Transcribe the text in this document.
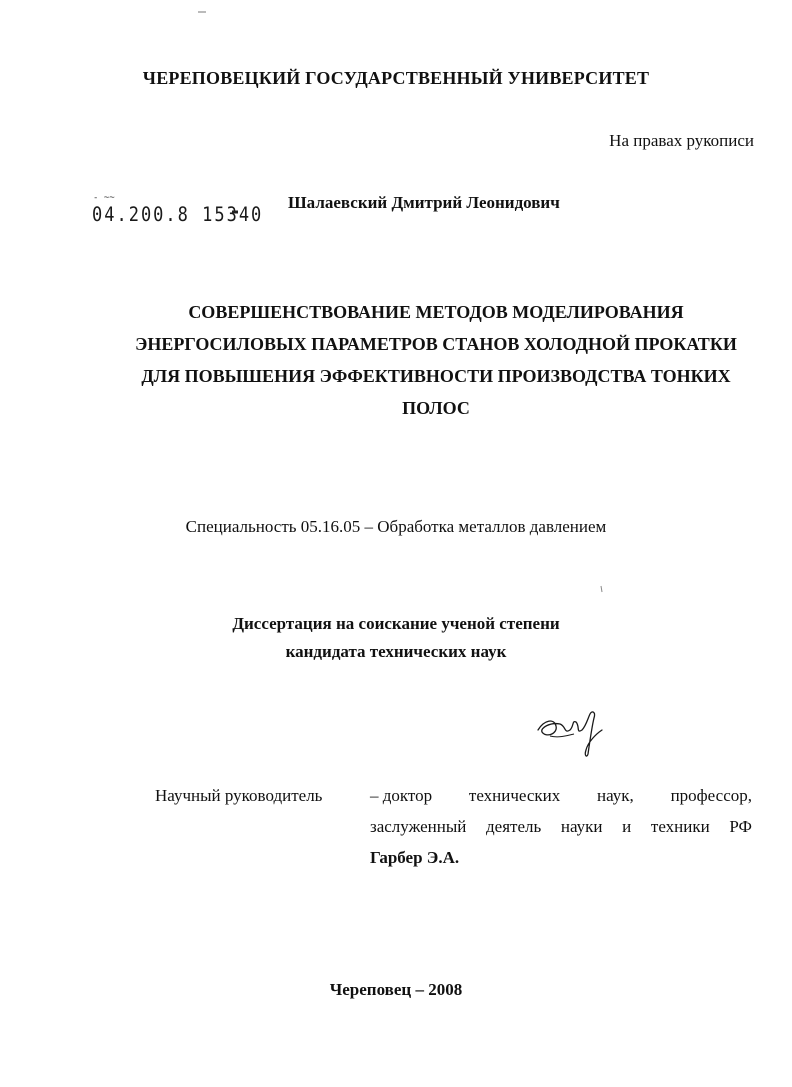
ЧЕРЕПОВЕЦКИЙ ГОСУДАРСТВЕННЫЙ УНИВЕРСИТЕТ
На правах рукописи
- ~~
04.200.8 15340
Шалаевский Дмитрий Леонидович
СОВЕРШЕНСТВОВАНИЕ МЕТОДОВ МОДЕЛИРОВАНИЯ
ЭНЕРГОСИЛОВЫХ ПАРАМЕТРОВ СТАНОВ ХОЛОДНОЙ ПРОКАТКИ
ДЛЯ ПОВЫШЕНИЯ ЭФФЕКТИВНОСТИ ПРОИЗВОДСТВА ТОНКИХ
ПОЛОС
Специальность 05.16.05 – Обработка металлов давлением
Диссертация на соискание ученой степени
кандидата технических наук
Научный руководитель	– доктор технических наук, профессор,
заслуженный деятель науки и техники РФ
Гарбер Э.А.
Череповец – 2008
